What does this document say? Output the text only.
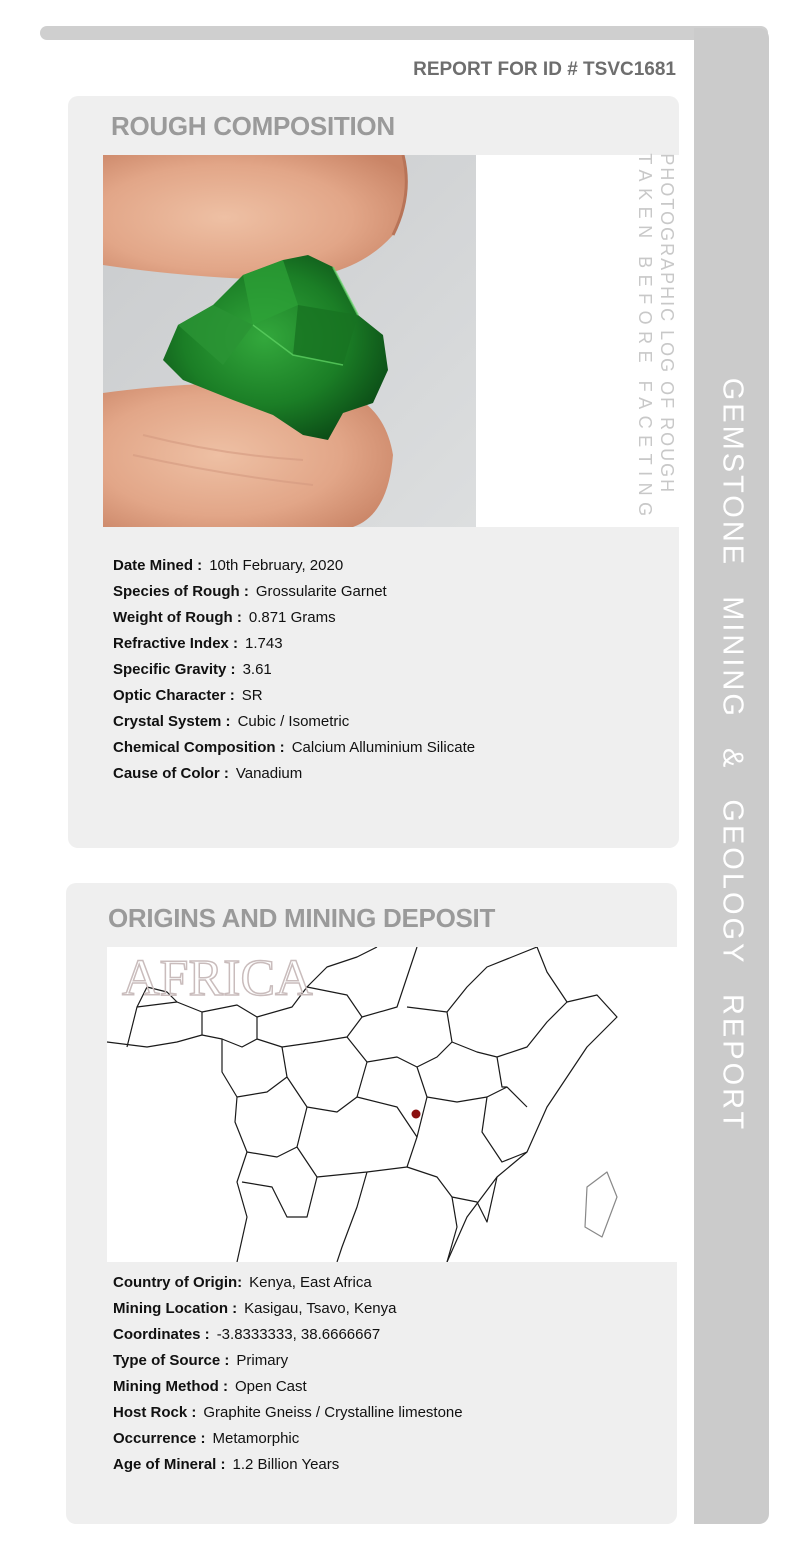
GEMSTONE MINING & GEOLOGY REPORT
REPORT FOR ID # TSVC1681
ROUGH COMPOSITION
PHOTOGRAPHIC LOG OF ROUGH
TAKEN BEFORE FACETING
Date Mined : 10th February, 2020
Species of Rough : Grossularite Garnet
Weight of Rough : 0.871 Grams
Refractive Index : 1.743
Specific Gravity : 3.61
Optic Character : SR
Crystal System : Cubic / Isometric
Chemical Composition : Calcium Alluminium Silicate
Cause of Color : Vanadium
ORIGINS AND MINING DEPOSIT
AFRICA
Country of Origin: Kenya, East Africa
Mining Location : Kasigau, Tsavo, Kenya
Coordinates : -3.8333333, 38.6666667
Type of Source : Primary
Mining Method : Open Cast
Host Rock : Graphite Gneiss / Crystalline limestone
Occurrence : Metamorphic
Age of Mineral : 1.2 Billion Years
